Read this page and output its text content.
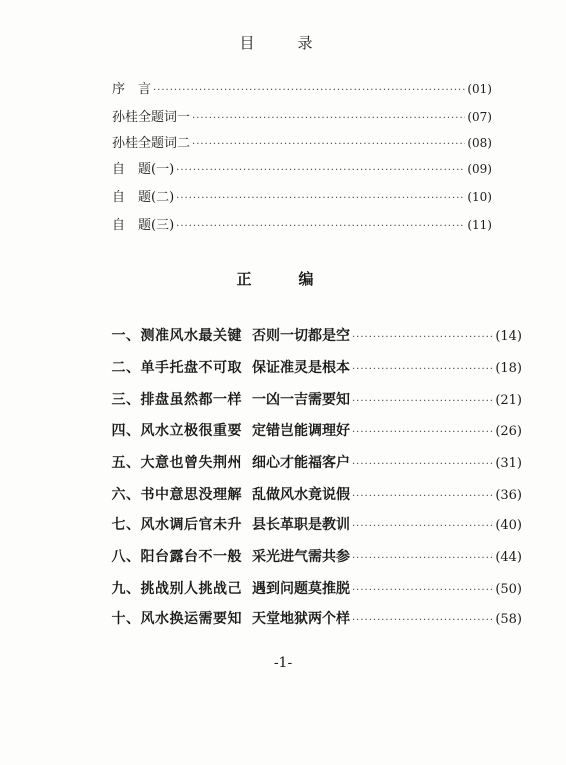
目　录
序　言 ·····	(01)
孙桂全题词一 ·····	(07)
孙桂全题词二 ·····	(08)
自　题(一) ·····	(09)
自　题(二) ·····	(10)
自　题(三) ·····	(11)
正　编
一、测准风水最关键 否则一切都是空 ·····	(14)
二、单手托盘不可取 保证准灵是根本 ·····	(18)
三、排盘虽然都一样 一凶一吉需要知 ·····	(21)
四、风水立极很重要 定错岂能调理好 ·····	(26)
五、大意也曾失荆州 细心才能福客户 ·····	(31)
六、书中意思没理解 乱做风水竟说假 ·····	(36)
七、风水调后官未升 县长革职是教训 ·····	(40)
八、阳台露台不一般 采光进气需共参 ·····	(44)
九、挑战别人挑战己 遇到问题莫推脱 ·····	(50)
十、风水换运需要知 天堂地狱两个样 ·····	(58)
-1-
